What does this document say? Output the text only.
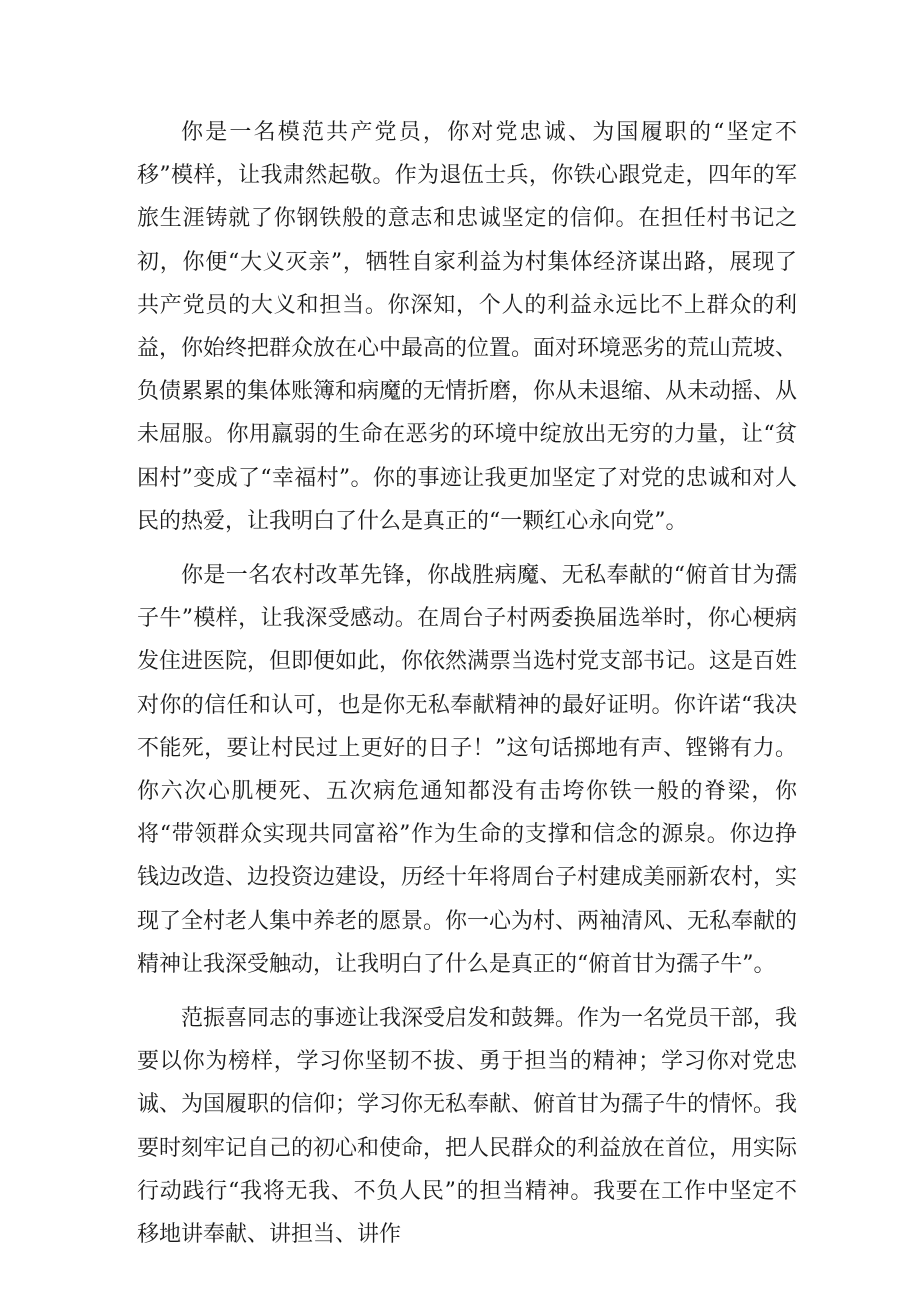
你是一名模范共产党员，你对党忠诚、为国履职的“坚定不移”模样，让我肃然起敬。作为退伍士兵，你铁心跟党走，四年的军旅生涯铸就了你钢铁般的意志和忠诚坚定的信仰。在担任村书记之初，你便“大义灭亲”，牺牲自家利益为村集体经济谋出路，展现了共产党员的大义和担当。你深知，个人的利益永远比不上群众的利益，你始终把群众放在心中最高的位置。面对环境恶劣的荒山荒坡、负债累累的集体账簿和病魔的无情折磨，你从未退缩、从未动摇、从未屈服。你用羸弱的生命在恶劣的环境中绽放出无穷的力量，让“贫困村”变成了“幸福村”。你的事迹让我更加坚定了对党的忠诚和对人民的热爱，让我明白了什么是真正的“一颗红心永向党”。

你是一名农村改革先锋，你战胜病魔、无私奉献的“俯首甘为孺子牛”模样，让我深受感动。在周台子村两委换届选举时，你心梗病发住进医院，但即便如此，你依然满票当选村党支部书记。这是百姓对你的信任和认可，也是你无私奉献精神的最好证明。你许诺“我决不能死，要让村民过上更好的日子！”这句话掷地有声、铿锵有力。你六次心肌梗死、五次病危通知都没有击垮你铁一般的脊梁，你将“带领群众实现共同富裕”作为生命的支撑和信念的源泉。你边挣钱边改造、边投资边建设，历经十年将周台子村建成美丽新农村，实现了全村老人集中养老的愿景。你一心为村、两袖清风、无私奉献的精神让我深受触动，让我明白了什么是真正的“俯首甘为孺子牛”。

范振喜同志的事迹让我深受启发和鼓舞。作为一名党员干部，我要以你为榜样，学习你坚韧不拔、勇于担当的精神；学习你对党忠诚、为国履职的信仰；学习你无私奉献、俯首甘为孺子牛的情怀。我要时刻牢记自己的初心和使命，把人民群众的利益放在首位，用实际行动践行“我将无我、不负人民”的担当精神。我要在工作中坚定不移地讲奉献、讲担当、讲作
